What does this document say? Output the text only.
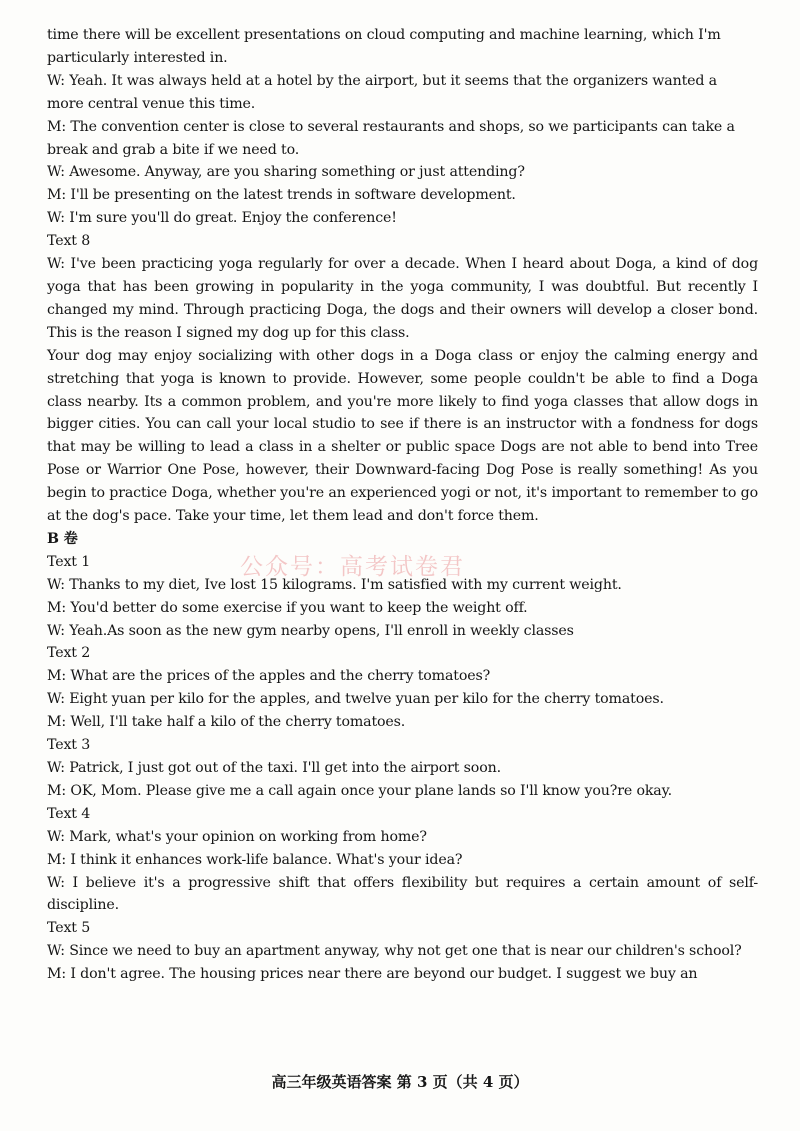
time there will be excellent presentations on cloud computing and machine learning, which I'm
particularly interested in.
W: Yeah. It was always held at a hotel by the airport, but it seems that the organizers wanted a
more central venue this time.
M: The convention center is close to several restaurants and shops, so we participants can take a
break and grab a bite if we need to.
W: Awesome. Anyway, are you sharing something or just attending?
M: I'll be presenting on the latest trends in software development.
W: I'm sure you'll do great. Enjoy the conference!
Text 8
W: I've been practicing yoga regularly for over a decade. When I heard about Doga, a kind of dog yoga that has been growing in popularity in the yoga community, I was doubtful. But recently I changed my mind. Through practicing Doga, the dogs and their owners will develop a closer bond. This is the reason I signed my dog up for this class.
Your dog may enjoy socializing with other dogs in a Doga class or enjoy the calming energy and stretching that yoga is known to provide. However, some people couldn't be able to find a Doga class nearby. Its a common problem, and you're more likely to find yoga classes that allow dogs in bigger cities. You can call your local studio to see if there is an instructor with a fondness for dogs that may be willing to lead a class in a shelter or public space Dogs are not able to bend into Tree Pose or Warrior One Pose, however, their Downward-facing Dog Pose is really something! As you begin to practice Doga, whether you're an experienced yogi or not, it's important to remember to go at the dog's pace. Take your time, let them lead and don't force them.
B 卷
Text 1
W: Thanks to my diet, Ive lost 15 kilograms. I'm satisfied with my current weight.
M: You'd better do some exercise if you want to keep the weight off.
W: Yeah.As soon as the new gym nearby opens, I'll enroll in weekly classes
Text 2
M: What are the prices of the apples and the cherry tomatoes?
W: Eight yuan per kilo for the apples, and twelve yuan per kilo for the cherry tomatoes.
M: Well, I'll take half a kilo of the cherry tomatoes.
Text 3
W: Patrick, I just got out of the taxi. I'll get into the airport soon.
M: OK, Mom. Please give me a call again once your plane lands so I'll know you?re okay.
Text 4
W: Mark, what's your opinion on working from home?
M: I think it enhances work-life balance. What's your idea?
W: I believe it's a progressive shift that offers flexibility but requires a certain amount of self-discipline.
Text 5
W: Since we need to buy an apartment anyway, why not get one that is near our children's school?
M: I don't agree. The housing prices near there are beyond our budget. I suggest we buy an
公众号：高考试卷君
高三年级英语答案 第 3 页（共 4 页）
